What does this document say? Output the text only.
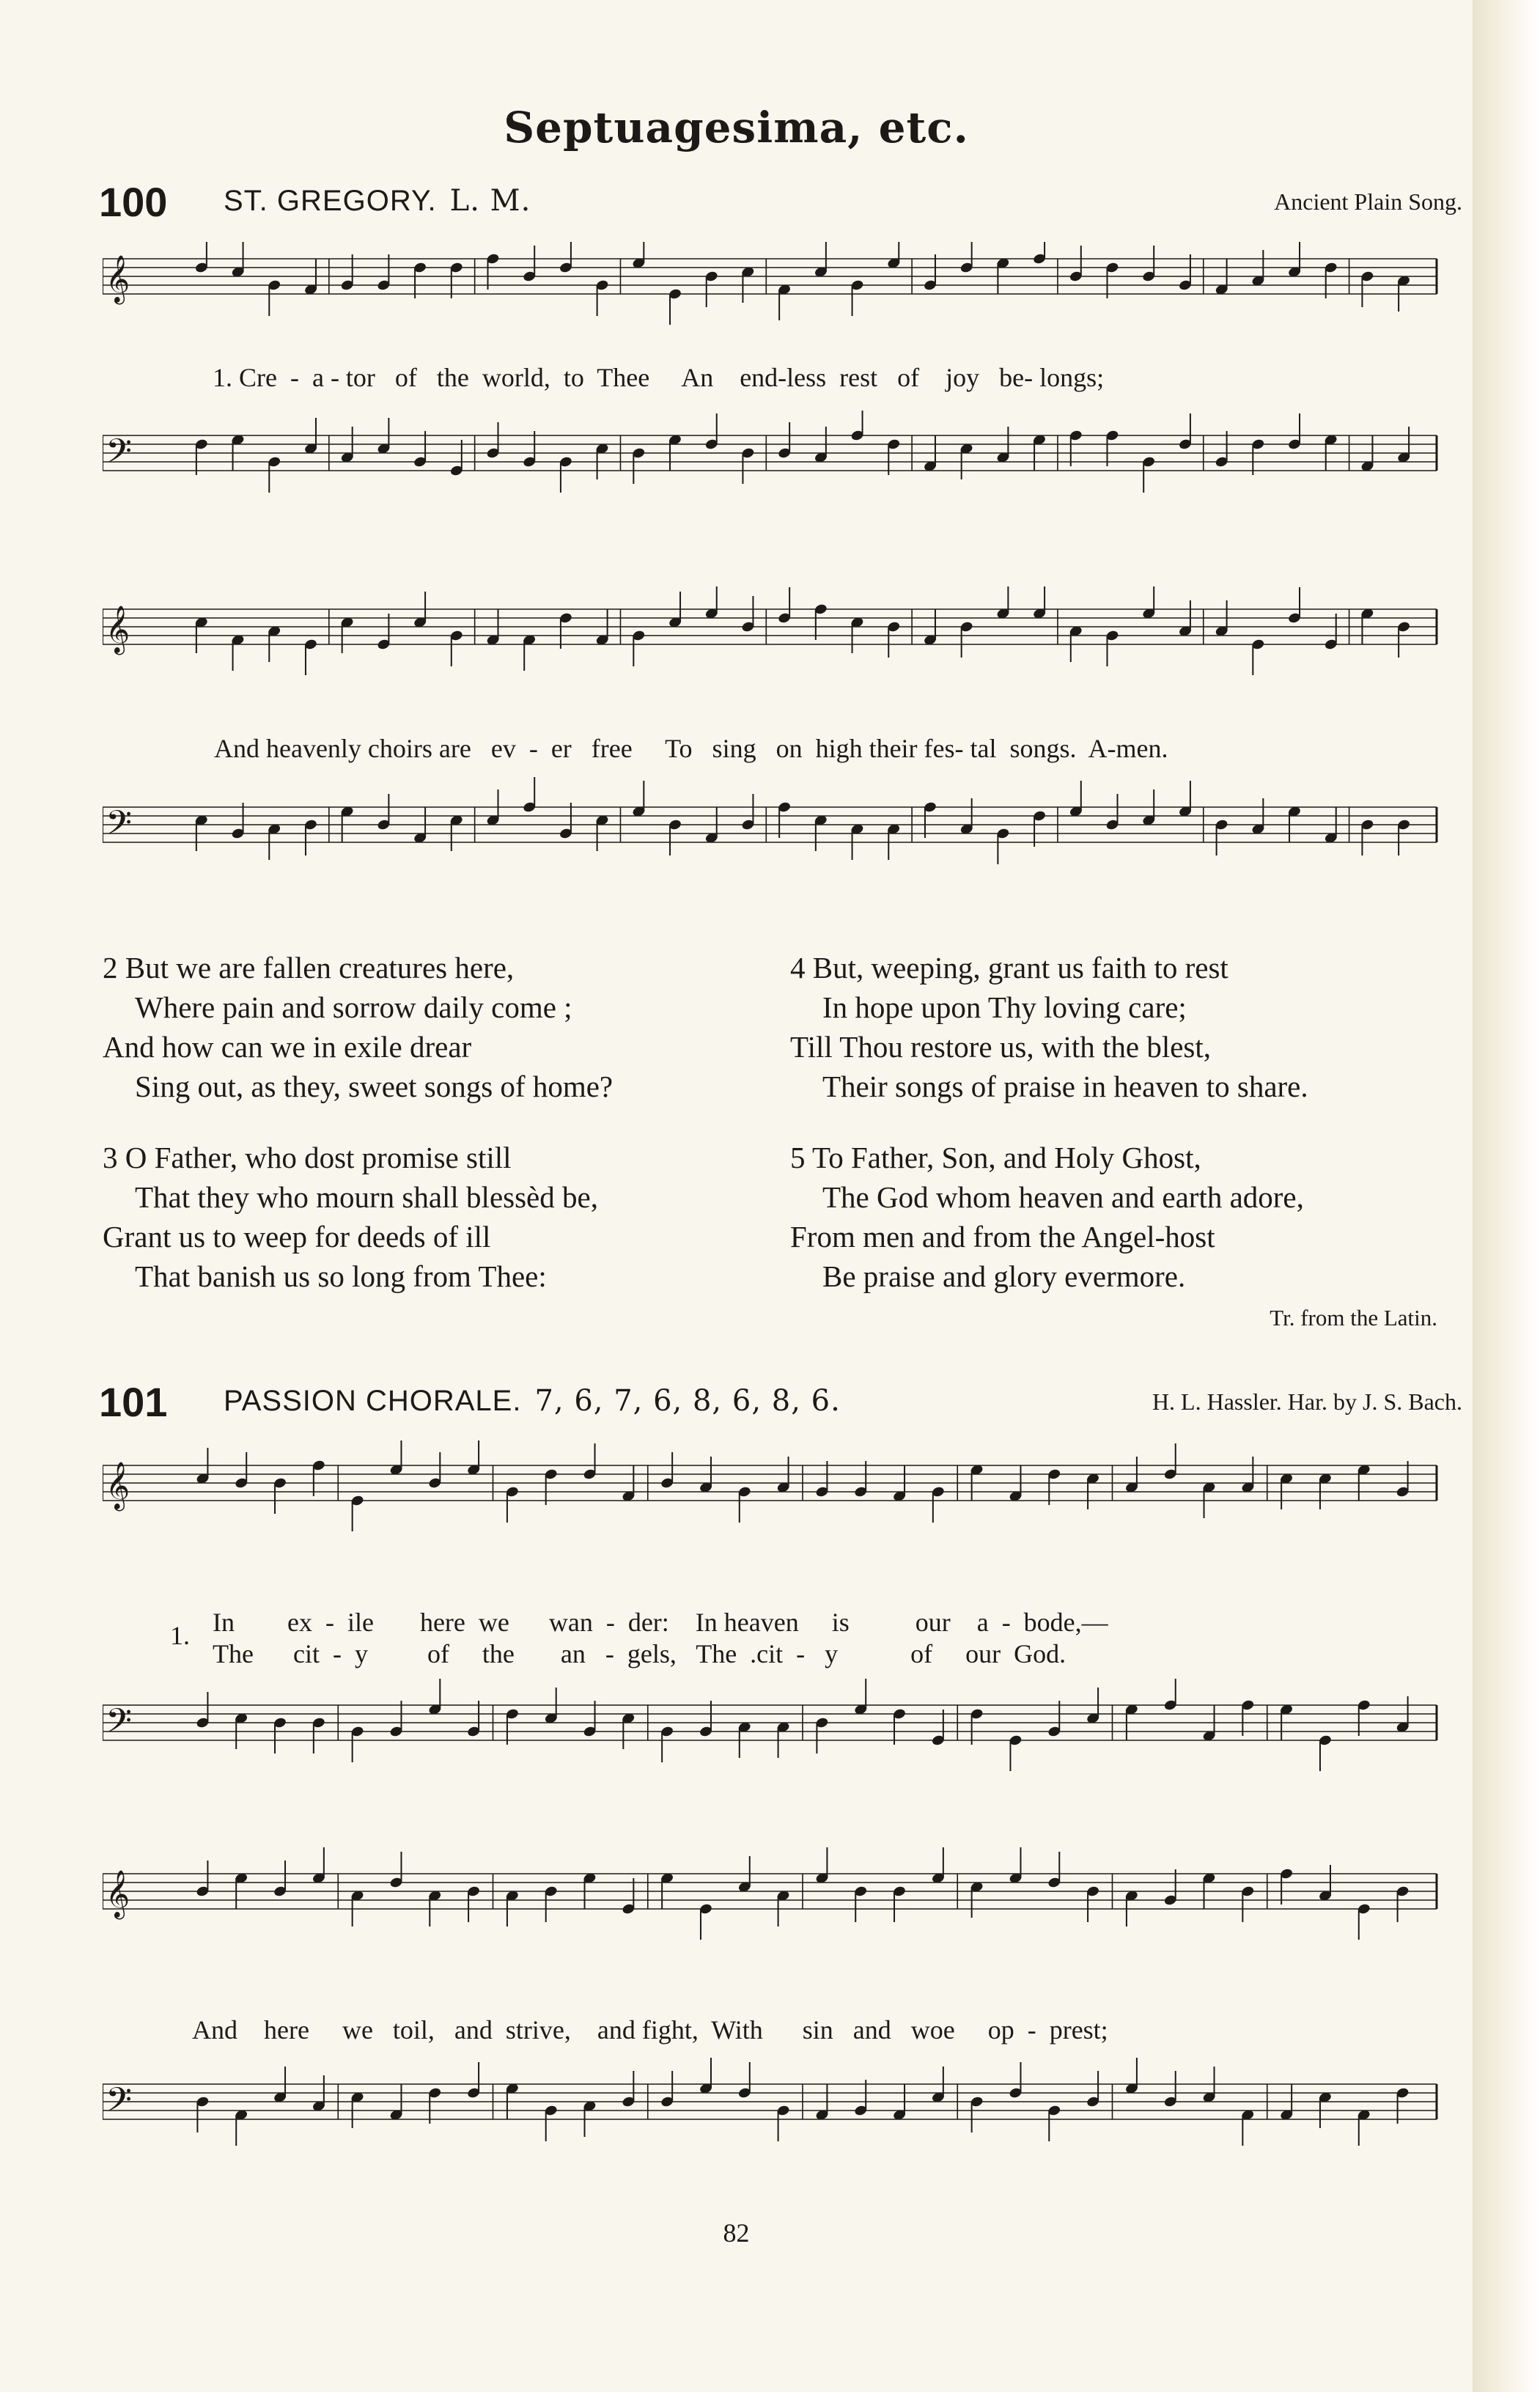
Septuagesima, etc.
100 ST. GREGORY. L. M.	Ancient Plain Song.
𝄞
1. Cre  -  a - tor   of   the  world,  to  Thee     An    end-less  rest   of    joy   be- longs;
𝄢
𝄞
And heavenly choirs are   ev  -  er   free     To   sing   on  high their fes- tal  songs.  A-men.
𝄢
2 But we are fallen creatures here,
Where pain and sorrow daily come ;
And how can we in exile drear
Sing out, as they, sweet songs of home?
4 But, weeping, grant us faith to rest
In hope upon Thy loving care;
Till Thou restore us, with the blest,
Their songs of praise in heaven to share.
3 O Father, who dost promise still
That they who mourn shall blessèd be,
Grant us to weep for deeds of ill
That banish us so long from Thee:
5 To Father, Son, and Holy Ghost,
The God whom heaven and earth adore,
From men and from the Angel-host
Be praise and glory evermore.
Tr. from the Latin.
101 PASSION CHORALE. 7, 6, 7, 6, 8, 6, 8, 6.	H. L. Hassler. Har. by J. S. Bach.
𝄞
1. In        ex  -  ile       here  we      wan  -  der:    In heaven     is          our    a  -  bode,—
The      cit  -  y         of     the       an   -  gels,   The  .cit  -   y           of     our  God.
𝄢
𝄞
And    here     we   toil,   and  strive,    and fight,  With      sin   and   woe     op  -  prest;
𝄢
82
